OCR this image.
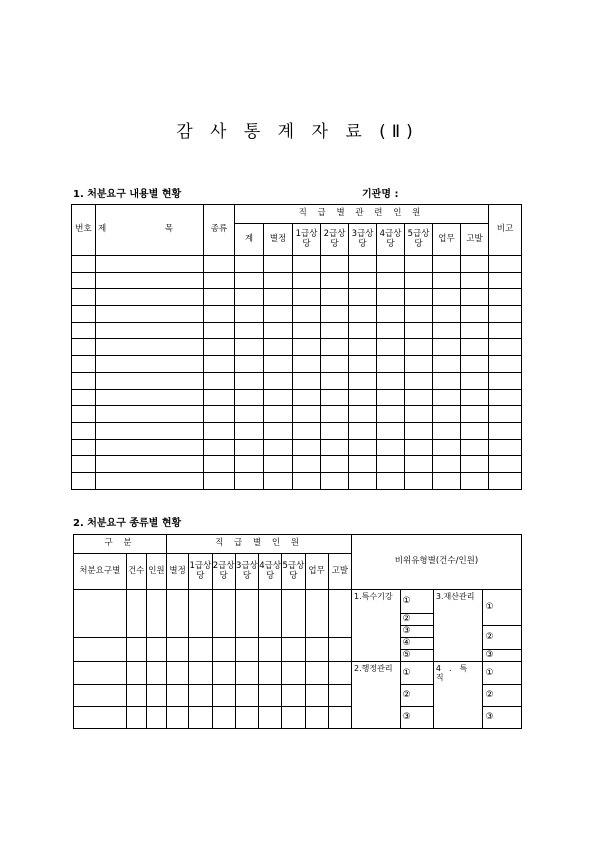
감 사 통 계 자 료 (Ⅱ)
1. 처분요구 내용별 현황	기관명 :
번호	제 목	종류	직 급 별 관 련 인 원									비고
			계	별정	1급상당	2급상당	3급상당	4급상당	5급상당	업무	고발	

2. 처분요구 종류별 현황
구 분			직 급 별 인 원								비위유형별(건수/인원)			
처분요구별	건수	인원	별정	1급상당	2급상당	3급상당	4급상당	5급상당	업무	고발				
											1.특수기강	①	3.재산관리	①
												②		
												③		②
												④		
												⑤		③
											2.행정관리	①	4.특 직	①
												②		②
												③		③
